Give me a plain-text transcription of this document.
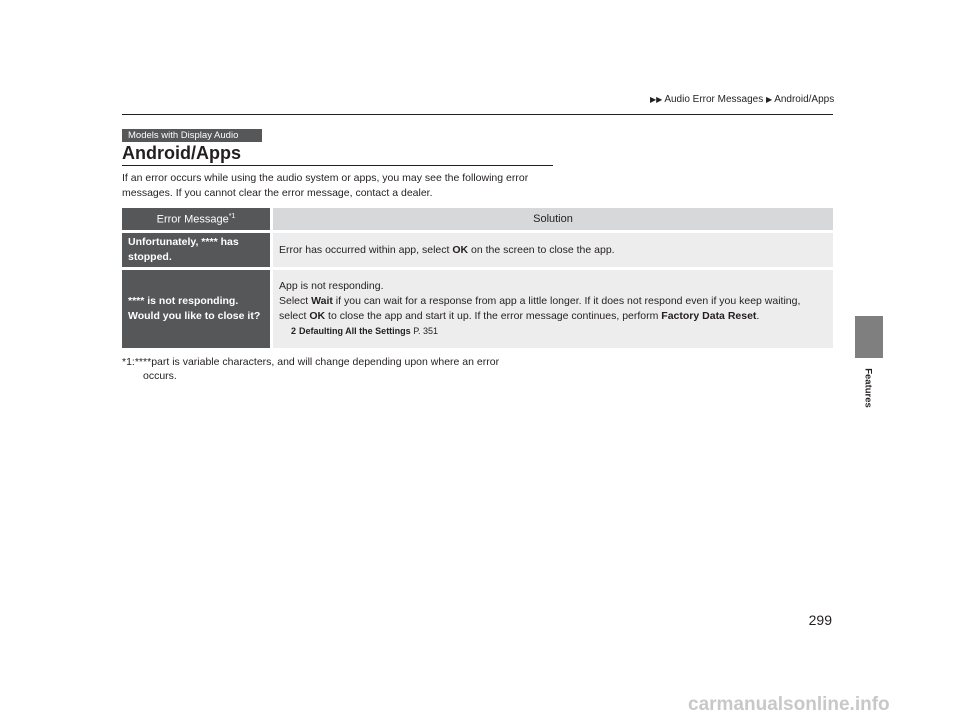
▶▶ Audio Error Messages ▶ Android/Apps
Features
Models with Display Audio
Android/Apps

If an error occurs while using the audio system or apps, you may see the following error messages. If you cannot clear the error message, contact a dealer.

Error Message$^{*1}$	Solution
Unfortunately, **** has stopped.	Error has occurred within app, select OK on the screen to close the app.
**** is not responding. Would you like to close it?	App is not responding.
Select Wait if you can wait for a response from app a little longer. If it does not respond even if you keep waiting, select OK to close the app and start it up. If the error message continues, perform Factory Data Reset.
2 Defaulting All the Settings P. 351

*1:****part is variable characters, and will change depending upon where an error
occurs.

299
carmanualsonline.info
